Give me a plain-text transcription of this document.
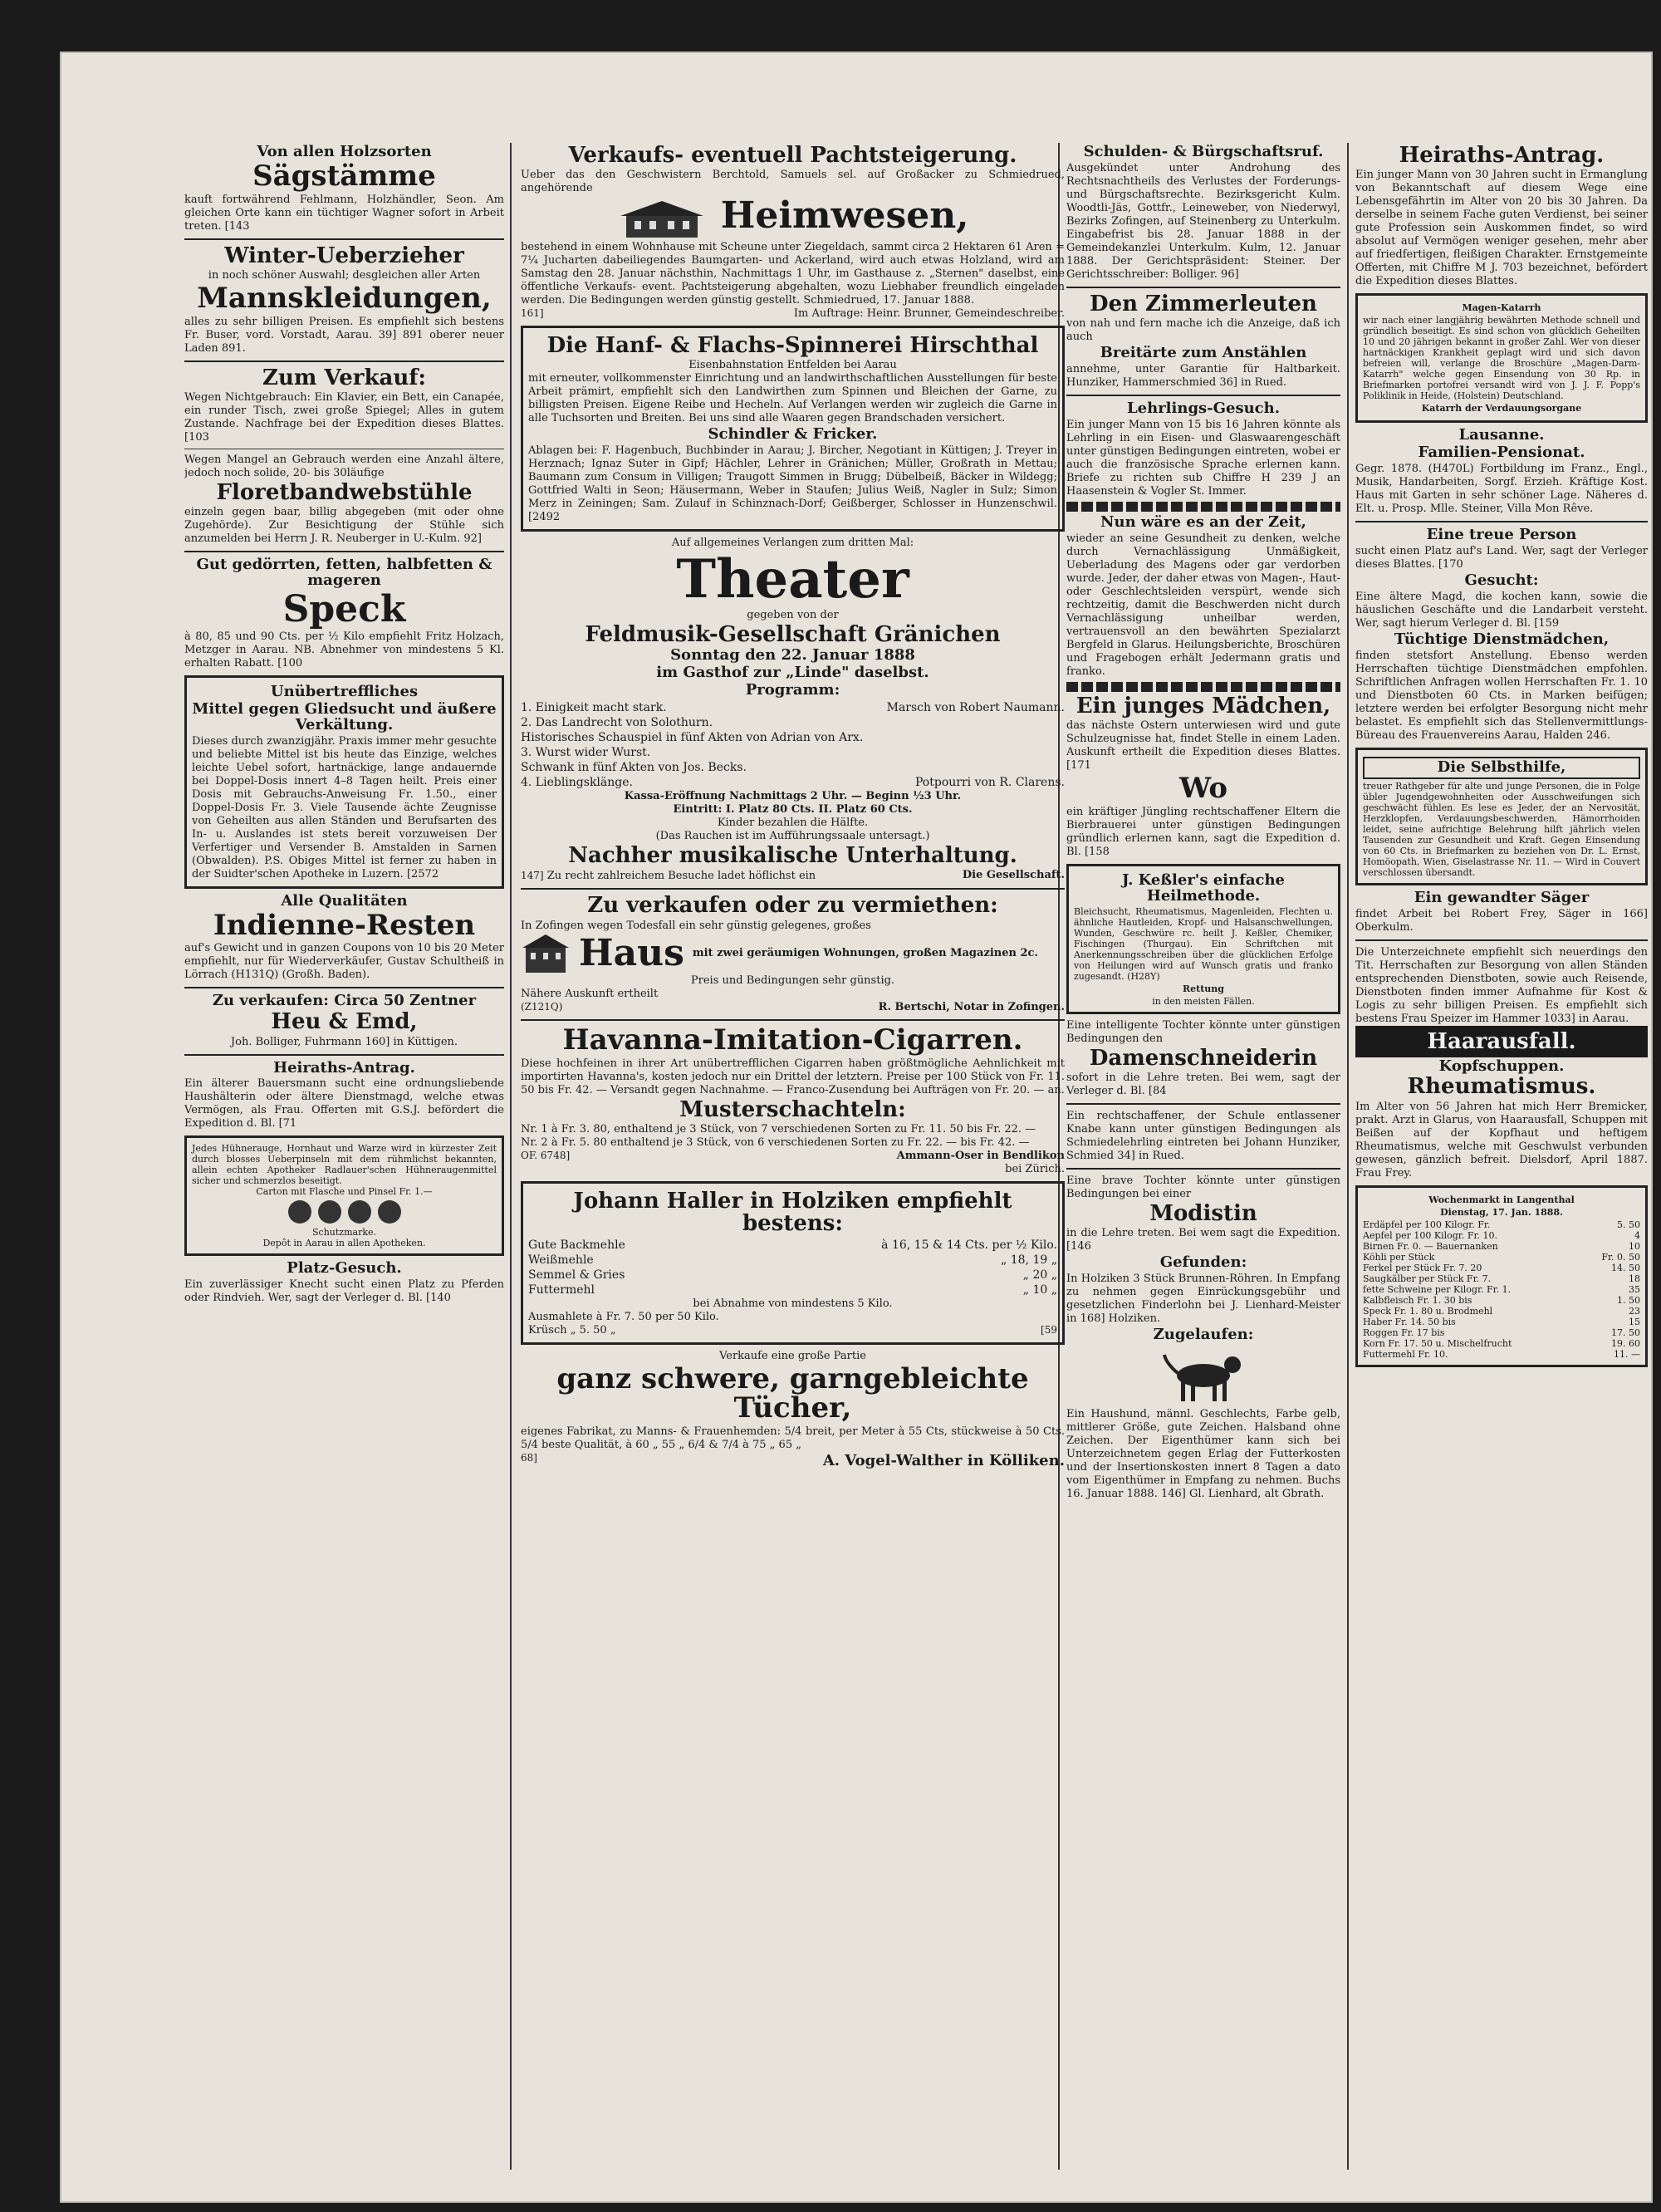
Von allen Holzsorten
Sägstämme

kauft fortwährend Fehlmann, Holzhändler, Seon. Am gleichen Orte kann ein tüchtiger Wagner sofort in Arbeit treten. [143

Winter-Ueberzieher

in noch schöner Auswahl; desgleichen aller Arten

Mannskleidungen,

alles zu sehr billigen Preisen. Es empfiehlt sich bestens Fr. Buser, vord. Vorstadt, Aarau. 39] 891 oberer neuer Laden 891.

Zum Verkauf:

Wegen Nichtgebrauch: Ein Klavier, ein Bett, ein Canapée, ein runder Tisch, zwei große Spiegel; Alles in gutem Zustande. Nachfrage bei der Expedition dieses Blattes. [103

Wegen Mangel an Gebrauch werden eine Anzahl ältere, jedoch noch solide, 20- bis 30läufige

Floretbandwebstühle

einzeln gegen baar, billig abgegeben (mit oder ohne Zugehörde). Zur Besichtigung der Stühle sich anzumelden bei Herrn J. R. Neuberger in U.-Kulm. 92]

Gut gedörrten, fetten, halbfetten & mageren
Speck

à 80, 85 und 90 Cts. per ½ Kilo empfiehlt Fritz Holzach, Metzger in Aarau. NB. Abnehmer von mindestens 5 Kl. erhalten Rabatt. [100

Unübertreffliches
Mittel gegen Gliedsucht und äußere Verkältung.

Dieses durch zwanzigjähr. Praxis immer mehr gesuchte und beliebte Mittel ist bis heute das Einzige, welches leichte Uebel sofort, hartnäckige, lange andauernde bei Doppel-Dosis innert 4–8 Tagen heilt. Preis einer Dosis mit Gebrauchs-Anweisung Fr. 1.50., einer Doppel-Dosis Fr. 3. Viele Tausende ächte Zeugnisse von Geheilten aus allen Ständen und Berufsarten des In- u. Auslandes ist stets bereit vorzuweisen Der Verfertiger und Versender B. Amstalden in Sarnen (Obwalden). P.S. Obiges Mittel ist ferner zu haben in der Suidter'schen Apotheke in Luzern. [2572

Alle Qualitäten
Indienne-Resten

auf's Gewicht und in ganzen Coupons von 10 bis 20 Meter empfiehlt, nur für Wiederverkäufer, Gustav Schultheiß in Lörrach (H131Q) (Großh. Baden).

Zu verkaufen: Circa 50 Zentner
Heu & Emd,

Joh. Bolliger, Fuhrmann 160] in Küttigen.

Heiraths-Antrag.

Ein älterer Bauersmann sucht eine ordnungsliebende Haushälterin oder ältere Dienstmagd, welche etwas Vermögen, als Frau. Offerten mit G.S.J. befördert die Expedition d. Bl. [71

Jedes Hühnerauge, Hornhaut und Warze wird in kürzester Zeit durch blosses Ueberpinseln mit dem rühmlichst bekannten, allein echten Apotheker Radlauer'schen Hühneraugenmittel sicher und schmerzlos beseitigt.

Carton mit Flasche und Pinsel Fr. 1.—

Schutzmarke.

Depôt in Aarau in allen Apotheken.

Platz-Gesuch.

Ein zuverlässiger Knecht sucht einen Platz zu Pferden oder Rindvieh. Wer, sagt der Verleger d. Bl. [140

Verkaufs- eventuell Pachtsteigerung.

Ueber das den Geschwistern Berchtold, Samuels sel. auf Großacker zu Schmiedrued, angehörende

Heimwesen,

bestehend in einem Wohnhause mit Scheune unter Ziegeldach, sammt circa 2 Hektaren 61 Aren = 7¼ Jucharten dabeiliegendes Baumgarten- und Ackerland, wird auch etwas Holzland, wird am Samstag den 28. Januar nächsthin, Nachmittags 1 Uhr, im Gasthause z. „Sternen" daselbst, eine öffentliche Verkaufs- event. Pachtsteigerung abgehalten, wozu Liebhaber freundlich eingeladen werden. Die Bedingungen werden günstig gestellt. Schmiedrued, 17. Januar 1888.

161]	Im Auftrage: Heinr. Brunner, Gemeindeschreiber.
Die Hanf- & Flachs-Spinnerei Hirschthal

Eisenbahnstation Entfelden bei Aarau

mit erneuter, vollkommenster Einrichtung und an landwirthschaftlichen Ausstellungen für beste Arbeit prämirt, empfiehlt sich den Landwirthen zum Spinnen und Bleichen der Garne, zu billigsten Preisen. Eigene Reibe und Hecheln. Auf Verlangen werden wir zugleich die Garne in alle Tuchsorten und Breiten. Bei uns sind alle Waaren gegen Brandschaden versichert.

Schindler & Fricker.

Ablagen bei: F. Hagenbuch, Buchbinder in Aarau; J. Bircher, Negotiant in Küttigen; J. Treyer in Herznach; Ignaz Suter in Gipf; Hächler, Lehrer in Gränichen; Müller, Großrath in Mettau; Baumann zum Consum in Villigen; Traugott Simmen in Brugg; Dübelbeiß, Bäcker in Wildegg; Gottfried Walti in Seon; Häusermann, Weber in Staufen; Julius Weiß, Nagler in Sulz; Simon Merz in Zeiningen; Sam. Zulauf in Schinznach-Dorf; Geißberger, Schlosser in Hunzenschwil. [2492

Auf allgemeines Verlangen zum dritten Mal:

Theater

gegeben von der

Feldmusik-Gesellschaft Gränichen
Sonntag den 22. Januar 1888
im Gasthof zur „Linde" daselbst.
Programm:
1. Einigkeit macht stark.	Marsch von Robert Naumann.
2. Das Landrecht von Solothurn.
Historisches Schauspiel in fünf Akten von Adrian von Arx.
3. Wurst wider Wurst.
Schwank in fünf Akten von Jos. Becks.
4. Lieblingsklänge.	Potpourri von R. Clarens.

Kassa-Eröffnung Nachmittags 2 Uhr. — Beginn ½3 Uhr.

Eintritt: I. Platz 80 Cts. II. Platz 60 Cts.

Kinder bezahlen die Hälfte.

(Das Rauchen ist im Aufführungssaale untersagt.)

Nachher musikalische Unterhaltung.
147] Zu recht zahlreichem Besuche ladet höflichst ein	Die Gesellschaft.
Zu verkaufen oder zu vermiethen:

In Zofingen wegen Todesfall ein sehr günstig gelegenes, großes

Haus mit zwei geräumigen Wohnungen, großen Magazinen 2c.

Preis und Bedingungen sehr günstig.

Nähere Auskunft ertheilt

(Z121Q)	R. Bertschi, Notar in Zofingen.
Havanna-Imitation-Cigarren.

Diese hochfeinen in ihrer Art unübertrefflichen Cigarren haben größtmögliche Aehnlichkeit mit importirten Havanna's, kosten jedoch nur ein Drittel der letztern. Preise per 100 Stück von Fr. 11. 50 bis Fr. 42. — Versandt gegen Nachnahme. — Franco-Zusendung bei Aufträgen von Fr. 20. — an.

Musterschachteln:

Nr. 1 à Fr. 3. 80, enthaltend je 3 Stück, von 7 verschiedenen Sorten zu Fr. 11. 50 bis Fr. 22. —

Nr. 2 à Fr. 5. 80 enthaltend je 3 Stück, von 6 verschiedenen Sorten zu Fr. 22. — bis Fr. 42. —

OF. 6748]	Ammann-Oser in Bendlikon

bei Zürich.

Johann Haller in Holziken empfiehlt bestens:
Gute Backmehle	à 16, 15 & 14 Cts. per ½ Kilo.
Weißmehle	„ 18, 19 „
Semmel & Gries	„ 20 „
Futtermehl	„ 10 „

bei Abnahme von mindestens 5 Kilo.

Ausmahlete à Fr. 7. 50 per 50 Kilo.

Krüsch „ 5. 50 „	[59

Verkaufe eine große Partie

ganz schwere, garngebleichte Tücher,

eigenes Fabrikat, zu Manns- & Frauenhemden: 5/4 breit, per Meter à 55 Cts, stückweise à 50 Cts. 5/4 beste Qualität, à 60 „ 55 „ 6/4 & 7/4 à 75 „ 65 „

68]	A. Vogel-Walther in Kölliken.
Schulden- & Bürgschaftsruf.

Ausgekündet unter Androhung des Rechtsnachtheils des Verlustes der Forderungs- und Bürgschaftsrechte. Bezirksgericht Kulm. Woodtli-Jäs, Gottfr., Leineweber, von Niederwyl, Bezirks Zofingen, auf Steinenberg zu Unterkulm. Eingabefrist bis 28. Januar 1888 in der Gemeindekanzlei Unterkulm. Kulm, 12. Januar 1888. Der Gerichtspräsident: Steiner. Der Gerichtsschreiber: Bolliger. 96]

Den Zimmerleuten

von nah und fern mache ich die Anzeige, daß ich auch

Breitärte zum Anstählen

annehme, unter Garantie für Haltbarkeit. Hunziker, Hammerschmied 36] in Rued.

Lehrlings-Gesuch.

Ein junger Mann von 15 bis 16 Jahren könnte als Lehrling in ein Eisen- und Glaswaarengeschäft unter günstigen Bedingungen eintreten, wobei er auch die französische Sprache erlernen kann. Briefe zu richten sub Chiffre H 239 J an Haasenstein & Vogler St. Immer.

Nun wäre es an der Zeit,

wieder an seine Gesundheit zu denken, welche durch Vernachlässigung Unmäßigkeit, Ueberladung des Magens oder gar verdorben wurde. Jeder, der daher etwas von Magen-, Haut- oder Geschlechtsleiden verspürt, wende sich rechtzeitig, damit die Beschwerden nicht durch Vernachlässigung unheilbar werden, vertrauensvoll an den bewährten Spezialarzt Bergfeld in Glarus. Heilungsberichte, Broschüren und Fragebogen erhält Jedermann gratis und franko.

Ein junges Mädchen,

das nächste Ostern unterwiesen wird und gute Schulzeugnisse hat, findet Stelle in einem Laden. Auskunft ertheilt die Expedition dieses Blattes. [171

Wo

ein kräftiger Jüngling rechtschaffener Eltern die Bierbrauerei unter günstigen Bedingungen gründlich erlernen kann, sagt die Expedition d. Bl. [158

J. Keßler's einfache Heilmethode.

Bleichsucht, Rheumatismus, Magenleiden, Flechten u. ähnliche Hautleiden, Kropf- und Halsanschwellungen, Wunden, Geschwüre rc. heilt J. Keßler, Chemiker, Fischingen (Thurgau). Ein Schriftchen mit Anerkennungsschreiben über die glücklichen Erfolge von Heilungen wird auf Wunsch gratis und franko zugesandt. (H28Y)

Rettung

in den meisten Fällen.

Eine intelligente Tochter könnte unter günstigen Bedingungen den

Damenschneiderin

sofort in die Lehre treten. Bei wem, sagt der Verleger d. Bl. [84

Ein rechtschaffener, der Schule entlassener Knabe kann unter günstigen Bedingungen als Schmiedelehrling eintreten bei Johann Hunziker, Schmied 34] in Rued.

Eine brave Tochter könnte unter günstigen Bedingungen bei einer

Modistin

in die Lehre treten. Bei wem sagt die Expedition. [146

Gefunden:

In Holziken 3 Stück Brunnen-Röhren. In Empfang zu nehmen gegen Einrückungsgebühr und gesetzlichen Finderlohn bei J. Lienhard-Meister in 168] Holziken.

Zugelaufen:

Ein Haushund, männl. Geschlechts, Farbe gelb, mittlerer Größe, gute Zeichen. Halsband ohne Zeichen. Der Eigenthümer kann sich bei Unterzeichnetem gegen Erlag der Futterkosten und der Insertionskosten innert 8 Tagen a dato vom Eigenthümer in Empfang zu nehmen. Buchs 16. Januar 1888. 146] Gl. Lienhard, alt Gbrath.

Heiraths-Antrag.

Ein junger Mann von 30 Jahren sucht in Ermanglung von Bekanntschaft auf diesem Wege eine Lebensgefährtin im Alter von 20 bis 30 Jahren. Da derselbe in seinem Fache guten Verdienst, bei seiner gute Profession sein Auskommen findet, so wird absolut auf Vermögen weniger gesehen, mehr aber auf friedfertigen, fleißigen Charakter. Ernstgemeinte Offerten, mit Chiffre M J. 703 bezeichnet, befördert die Expedition dieses Blattes.

Magen-Katarrh

wir nach einer langjährig bewährten Methode schnell und gründlich beseitigt. Es sind schon von glücklich Geheilten 10 und 20 jährigen bekannt in großer Zahl. Wer von dieser hartnäckigen Krankheit geplagt wird und sich davon befreien will, verlange die Broschüre „Magen-Darm-Katarrh" welche gegen Einsendung von 30 Rp. in Briefmarken portofrei versandt wird von J. J. F. Popp's Poliklinik in Heide, (Holstein) Deutschland.

Katarrh der Verdauungsorgane
Lausanne.
Familien-Pensionat.

Gegr. 1878. (H470L) Fortbildung im Franz., Engl., Musik, Handarbeiten, Sorgf. Erzieh. Kräftige Kost. Haus mit Garten in sehr schöner Lage. Näheres d. Elt. u. Prosp. Mlle. Steiner, Villa Mon Rêve.

Eine treue Person

sucht einen Platz auf's Land. Wer, sagt der Verleger dieses Blattes. [170

Gesucht:

Eine ältere Magd, die kochen kann, sowie die häuslichen Geschäfte und die Landarbeit versteht. Wer, sagt hierum Verleger d. Bl. [159

Tüchtige Dienstmädchen,

finden stetsfort Anstellung. Ebenso werden Herrschaften tüchtige Dienstmädchen empfohlen. Schriftlichen Anfragen wollen Herrschaften Fr. 1. 10 und Dienstboten 60 Cts. in Marken beifügen; letztere werden bei erfolgter Besorgung nicht mehr belastet. Es empfiehlt sich das Stellenvermittlungs-Büreau des Frauenvereins Aarau, Halden 246.

Die Selbsthilfe,

treuer Rathgeber für alte und junge Personen, die in Folge übler Jugendgewohnheiten oder Ausschweifungen sich geschwächt fühlen. Es lese es Jeder, der an Nervosität, Herzklopfen, Verdauungsbeschwerden, Hämorrhoiden leidet, seine aufrichtige Belehrung hilft jährlich vielen Tausenden zur Gesundheit und Kraft. Gegen Einsendung von 60 Cts. in Briefmarken zu beziehen von Dr. L. Ernst, Homöopath, Wien, Giselastrasse Nr. 11. — Wird in Couvert verschlossen übersandt.

Ein gewandter Säger

findet Arbeit bei Robert Frey, Säger in 166] Oberkulm.

Die Unterzeichnete empfiehlt sich neuerdings den Tit. Herrschaften zur Besorgung von allen Ständen entsprechenden Dienstboten, sowie auch Reisende, Dienstboten finden immer Aufnahme für Kost & Logis zu sehr billigen Preisen. Es empfiehlt sich bestens Frau Speizer im Hammer 1033] in Aarau.

Haarausfall.
Kopfschuppen.
Rheumatismus.

Im Alter von 56 Jahren hat mich Herr Bremicker, prakt. Arzt in Glarus, von Haarausfall, Schuppen mit Beißen auf der Kopfhaut und heftigem Rheumatismus, welche mit Geschwulst verbunden gewesen, gänzlich befreit. Dielsdorf, April 1887. Frau Frey.

Wochenmarkt in Langenthal
Dienstag, 17. Jan. 1888.
Erdäpfel per 100 Kilogr. Fr.	5. 50
Aepfel per 100 Kilogr. Fr. 10.	4
Birnen Fr. 0. — Bauernanken	10
Köhli per Stück	Fr. 0. 50
Ferkel per Stück Fr. 7. 20	14. 50
Saugkälber per Stück Fr. 7.	18
fette Schweine per Kilogr. Fr. 1.	35
Kalbfleisch Fr. 1. 30 bis	1. 50
Speck Fr. 1. 80 u. Brodmehl	23
Haber Fr. 14. 50 bis	15
Roggen Fr. 17 bis	17. 50
Korn Fr. 17. 50 u. Mischelfrucht	19. 60
Futtermehl Fr. 10.	11. —
